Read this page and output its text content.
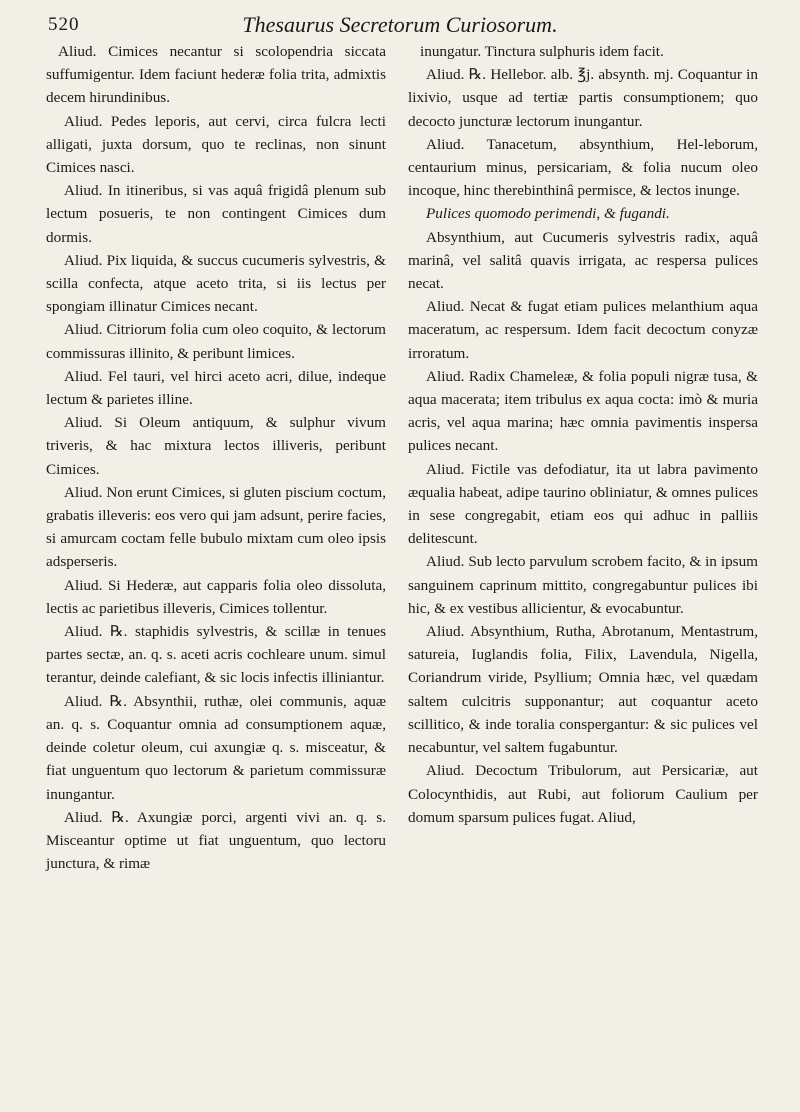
520	Thesaurus Secretorum Curiosorum.

Aliud. Cimices necantur si scolopendria siccata suffumigentur. Idem faciunt hederæ folia trita, admixtis decem hirundinibus.

Aliud. Pedes leporis, aut cervi, circa fulcra lecti alligati, juxta dorsum, quo te reclinas, non sinunt Cimices nasci.

Aliud. In itineribus, si vas aquâ frigidâ plenum sub lectum posueris, te non contingent Cimices dum dormis.

Aliud. Pix liquida, & succus cucumeris sylvestris, & scilla confecta, atque aceto trita, si iis lectus per spongiam illinatur Cimices necant.

Aliud. Citriorum folia cum oleo coquito, & lectorum commissuras illinito, & peribunt limices.

Aliud. Fel tauri, vel hirci aceto acri, dilue, indeque lectum & parietes illine.

Aliud. Si Oleum antiquum, & sulphur vivum triveris, & hac mixtura lectos illiveris, peribunt Cimices.

Aliud. Non erunt Cimices, si gluten piscium coctum, grabatis illeveris: eos vero qui jam adsunt, perire facies, si amurcam coctam felle bubulo mixtam cum oleo ipsis adsperseris.

Aliud. Si Hederæ, aut capparis folia oleo dissoluta, lectis ac parietibus illeveris, Cimices tollentur.

Aliud. ℞. staphidis sylvestris, & scillæ in tenues partes sectæ, an. q. s. aceti acris cochleare unum. simul terantur, deinde calefiant, & sic locis infectis illiniantur.

Aliud. ℞. Absynthii, ruthæ, olei communis, aquæ an. q. s. Coquantur omnia ad consumptionem aquæ, deinde coletur oleum, cui axungiæ q. s. misceatur, & fiat unguentum quo lectorum & parietum commissuræ inungantur.

Aliud. ℞. Axungiæ porci, argenti vivi an. q. s. Misceantur optime ut fiat unguentum, quo lectoru junctura, & rimæ

inungatur. Tinctura sulphuris idem facit.

Aliud. ℞. Hellebor. alb. ℥j. absynth. mj. Coquantur in lixivio, usque ad tertiæ partis consumptionem; quo decocto juncturæ lectorum inungantur.

Aliud. Tanacetum, absynthium, Hel-leborum, centaurium minus, persicariam, & folia nucum oleo incoque, hinc therebinthinâ permisce, & lectos inunge.

Pulices quomodo perimendi, & fugandi.

Absynthium, aut Cucumeris sylvestris radix, aquâ marinâ, vel salitâ quavis irrigata, ac respersa pulices necat.

Aliud. Necat & fugat etiam pulices melanthium aqua maceratum, ac respersum. Idem facit decoctum conyzæ irroratum.

Aliud. Radix Chameleæ, & folia populi nigræ tusa, & aqua macerata; item tribulus ex aqua cocta: imò & muria acris, vel aqua marina; hæc omnia pavimentis inspersa pulices necant.

Aliud. Fictile vas defodiatur, ita ut labra pavimento æqualia habeat, adipe taurino obliniatur, & omnes pulices in sese congregabit, etiam eos qui adhuc in palliis delitescunt.

Aliud. Sub lecto parvulum scrobem facito, & in ipsum sanguinem caprinum mittito, congregabuntur pulices ibi hic, & ex vestibus allicientur, & evocabuntur.

Aliud. Absynthium, Rutha, Abrotanum, Mentastrum, satureia, Iuglandis folia, Filix, Lavendula, Nigella, Coriandrum viride, Psyllium; Omnia hæc, vel quædam saltem culcitris supponantur; aut coquantur aceto scillitico, & inde toralia conspergantur: & sic pulices vel necabuntur, vel saltem fugabuntur.

Aliud. Decoctum Tribulorum, aut Persicariæ, aut Colocynthidis, aut Rubi, aut foliorum Caulium per domum sparsum pulices fugat. Aliud,
